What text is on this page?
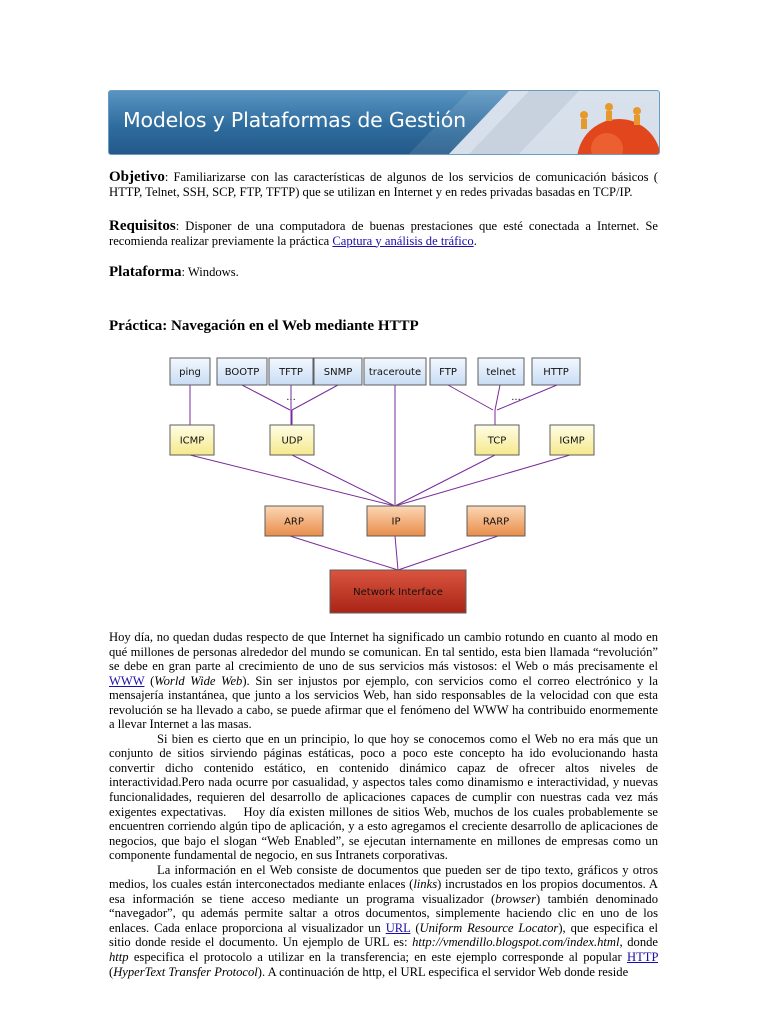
Modelos y Plataformas de Gestión
Objetivo: Familiarizarse con las características de algunos de los servicios de comunicación básicos ( HTTP, Telnet, SSH, SCP, FTP, TFTP) que se utilizan en Internet y en redes privadas basadas en TCP/IP.
Requisitos: Disponer de una computadora de buenas prestaciones que esté conectada a Internet. Se recomienda realizar previamente la práctica Captura y análisis de tráfico.
Plataforma: Windows.
Práctica: Navegación en el Web mediante HTTP
ping BOOTP TFTP SNMP traceroute FTP	telnet	HTTP
ICMP	UDP	TCP	IGMP
ARP	IP	RARP
Network Interface
...	...

Hoy día, no quedan dudas respecto de que Internet ha significado un cambio rotundo en cuanto al modo en qué millones de personas alrededor del mundo se comunican. En tal sentido, esta bien llamada “revolución” se debe en gran parte al crecimiento de uno de sus servicios más vistosos: el Web o más precisamente el WWW (World Wide Web). Sin ser injustos por ejemplo, con servicios como el correo electrónico y la mensajería instantánea, que junto a los servicios Web, han sido responsables de la velocidad con que esta revolución se ha llevado a cabo, se puede afirmar que el fenómeno del WWW ha contribuido enormemente a llevar Internet a las masas.

Si bien es cierto que en un principio, lo que hoy se conocemos como el Web no era más que un conjunto de sitios sirviendo páginas estáticas, poco a poco este concepto ha ido evolucionando hasta convertir dicho contenido estático, en contenido dinámico capaz de ofrecer altos niveles de interactividad.Pero nada ocurre por casualidad, y aspectos tales como dinamismo e interactividad, y nuevas funcionalidades, requieren del desarrollo de aplicaciones capaces de cumplir con nuestras cada vez más exigentes expectativas.    Hoy día existen millones de sitios Web, muchos de los cuales probablemente se encuentren corriendo algún tipo de aplicación, y a esto agregamos el creciente desarrollo de aplicaciones de negocios, que bajo el slogan “Web Enabled”, se ejecutan internamente en millones de empresas como un componente fundamental de negocio, en sus Intranets corporativas.

La información en el Web consiste de documentos que pueden ser de tipo texto, gráficos y otros medios, los cuales están interconectados mediante enlaces (links) incrustados en los propios documentos. A esa información se tiene acceso mediante un programa visualizador (browser) también denominado “navegador”, qu además permite saltar a otros documentos, simplemente haciendo clic en uno de los enlaces. Cada enlace proporciona al visualizador un URL (Uniform Resource Locator), que especifica el sitio donde reside el documento. Un ejemplo de URL es: http://vmendillo.blogspot.com/index.html, donde http especifica el protocolo a utilizar en la transferencia; en este ejemplo corresponde al popular HTTP (HyperText Transfer Protocol). A continuación de http, el URL especifica el servidor Web donde reside
